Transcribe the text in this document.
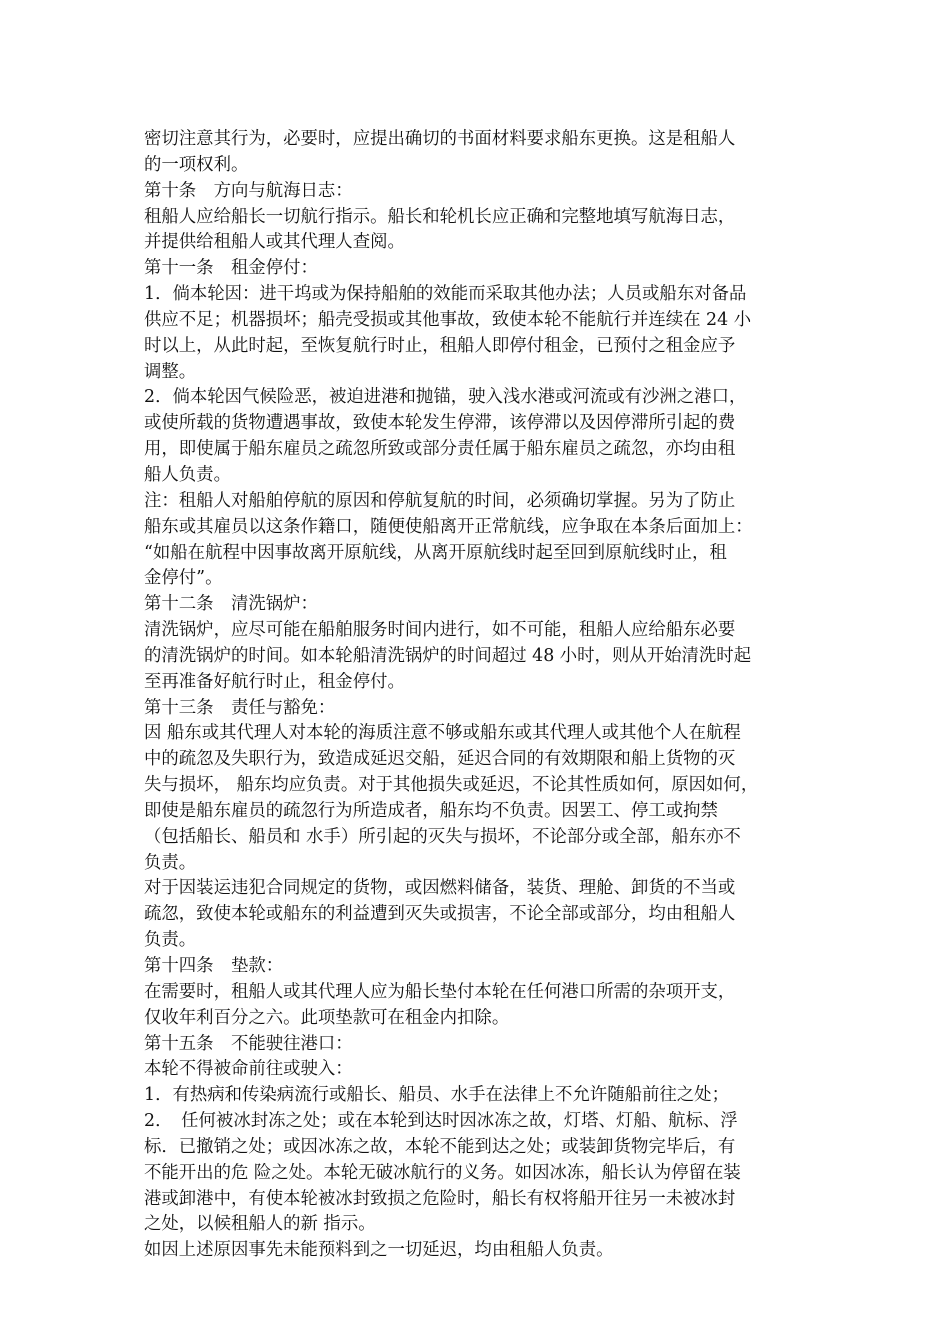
密切注意其行为，必要时，应提出确切的书面材料要求船东更换。这是租船人
的一项权利。
第十条　方向与航海日志：
租船人应给船长一切航行指示。船长和轮机长应正确和完整地填写航海日志，
并提供给租船人或其代理人查阅。
第十一条　租金停付：
1．倘本轮因：进干坞或为保持船舶的效能而采取其他办法；人员或船东对备品
供应不足；机器损坏；船壳受损或其他事故，致使本轮不能航行并连续在 24 小
时以上，从此时起，至恢复航行时止，租船人即停付租金，已预付之租金应予
调整。
2．倘本轮因气候险恶，被迫进港和抛锚，驶入浅水港或河流或有沙洲之港口，
或使所载的货物遭遇事故，致使本轮发生停滞，该停滞以及因停滞所引起的费
用，即使属于船东雇员之疏忽所致或部分责任属于船东雇员之疏忽，亦均由租
船人负责。
注：租船人对船舶停航的原因和停航复航的时间，必须确切掌握。另为了防止
船东或其雇员以这条作籍口，随便使船离开正常航线，应争取在本条后面加上：
“如船在航程中因事故离开原航线，从离开原航线时起至回到原航线时止，租
金停付”。
第十二条　清洗锅炉：
清洗锅炉，应尽可能在船舶服务时间内进行，如不可能，租船人应给船东必要
的清洗锅炉的时间。如本轮船清洗锅炉的时间超过 48 小时，则从开始清洗时起
至再准备好航行时止，租金停付。
第十三条　责任与豁免：
因 船东或其代理人对本轮的海质注意不够或船东或其代理人或其他个人在航程
中的疏忽及失职行为，致造成延迟交船，延迟合同的有效期限和船上货物的灭
失与损坏， 船东均应负责。对于其他损失或延迟，不论其性质如何，原因如何，
即使是船东雇员的疏忽行为所造成者，船东均不负责。因罢工、停工或拘禁
（包括船长、船员和 水手）所引起的灭失与损坏，不论部分或全部，船东亦不
负责。
对于因装运违犯合同规定的货物，或因燃料储备，装货、理舱、卸货的不当或
疏忽，致使本轮或船东的利益遭到灭失或损害，不论全部或部分，均由租船人
负责。
第十四条　垫款：
在需要时，租船人或其代理人应为船长垫付本轮在任何港口所需的杂项开支，
仅收年利百分之六。此项垫款可在租金内扣除。
第十五条　不能驶往港口：
本轮不得被命前往或驶入：
1．有热病和传染病流行或船长、船员、水手在法律上不允许随船前往之处；
2．　任何被冰封冻之处；或在本轮到达时因冰冻之故，灯塔、灯船、航标、浮
标．已撤销之处；或因冰冻之故，本轮不能到达之处；或装卸货物完毕后，有
不能开出的危 险之处。本轮无破冰航行的义务。如因冰冻，船长认为停留在装
港或卸港中，有使本轮被冰封致损之危险时，船长有权将船开往另一未被冰封
之处，以候租船人的新 指示。
如因上述原因事先未能预料到之一切延迟，均由租船人负责。
